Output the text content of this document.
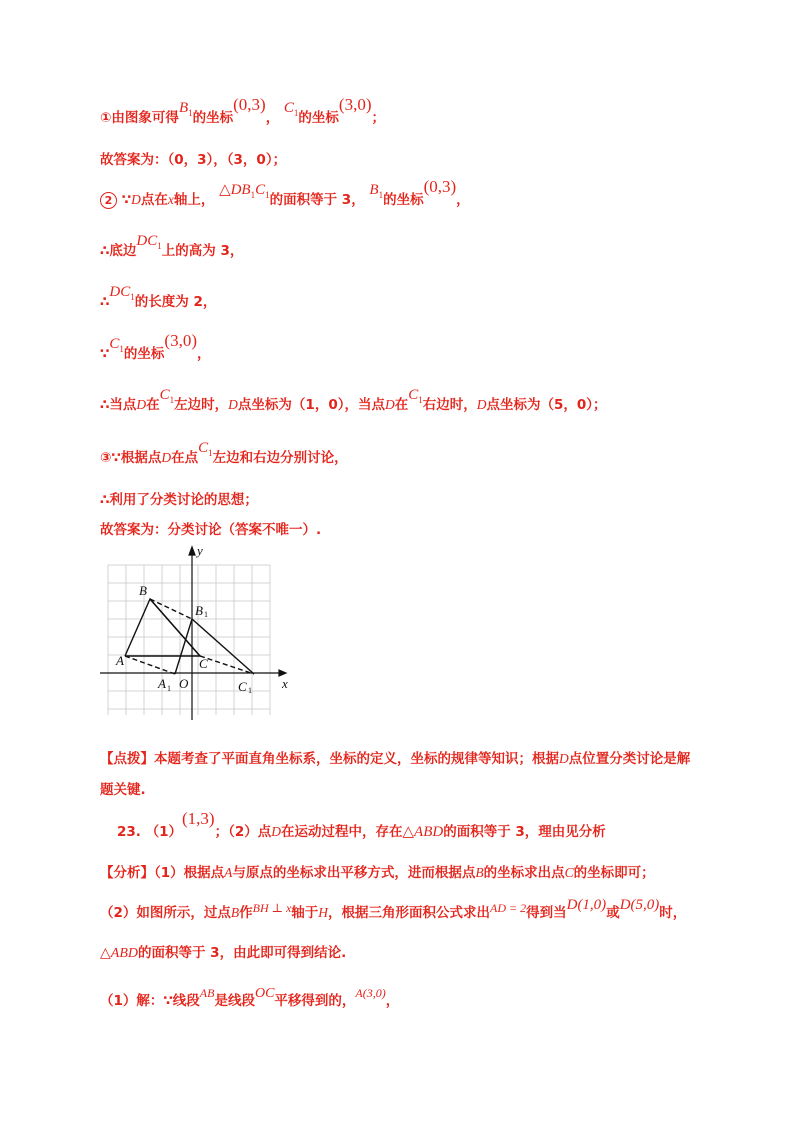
①由图象可得$B^1$的坐标(0,3)， $C^1$的坐标(3,0)；
故答案为：（0，3），（3，0）；
2 ∵D点在x轴上， $\triangle DB^1C^1$的面积等于 3， $B^1$的坐标(0,3)，
∴底边$DC^1$上的高为 3，
$\therefore DC^1$的长度为 2，
$\because C^1$的坐标(3,0)，
∴当点D在$C^1$左边时，D点坐标为（1，0），当点D在$C^1$右边时，D点坐标为（5，0）；
③∵根据点D在点$C^1$左边和右边分别讨论，
∴利用了分类讨论的思想；
故答案为：分类讨论（答案不唯一）.
B
B 1
A	C
A 1 O	C 1 x
y
【点拨】本题考查了平面直角坐标系，坐标的定义，坐标的规律等知识；根据D点位置分类讨论是解
题关键.
23. （1）(1,3)；（2）点D在运动过程中，存在△ABD的面积等于 3，理由见分析
【分析】（1）根据点A与原点的坐标求出平移方式，进而根据点B的坐标求出点C的坐标即可；
（2）如图所示，过点B作BH ⊥ x轴于H，根据三角形面积公式求出AD = 2得到当D(1,0)或D(5,0)时，
△ABD的面积等于 3，由此即可得到结论.
（1）解：∵线段AB是线段OC平移得到的，A(3,0)，
